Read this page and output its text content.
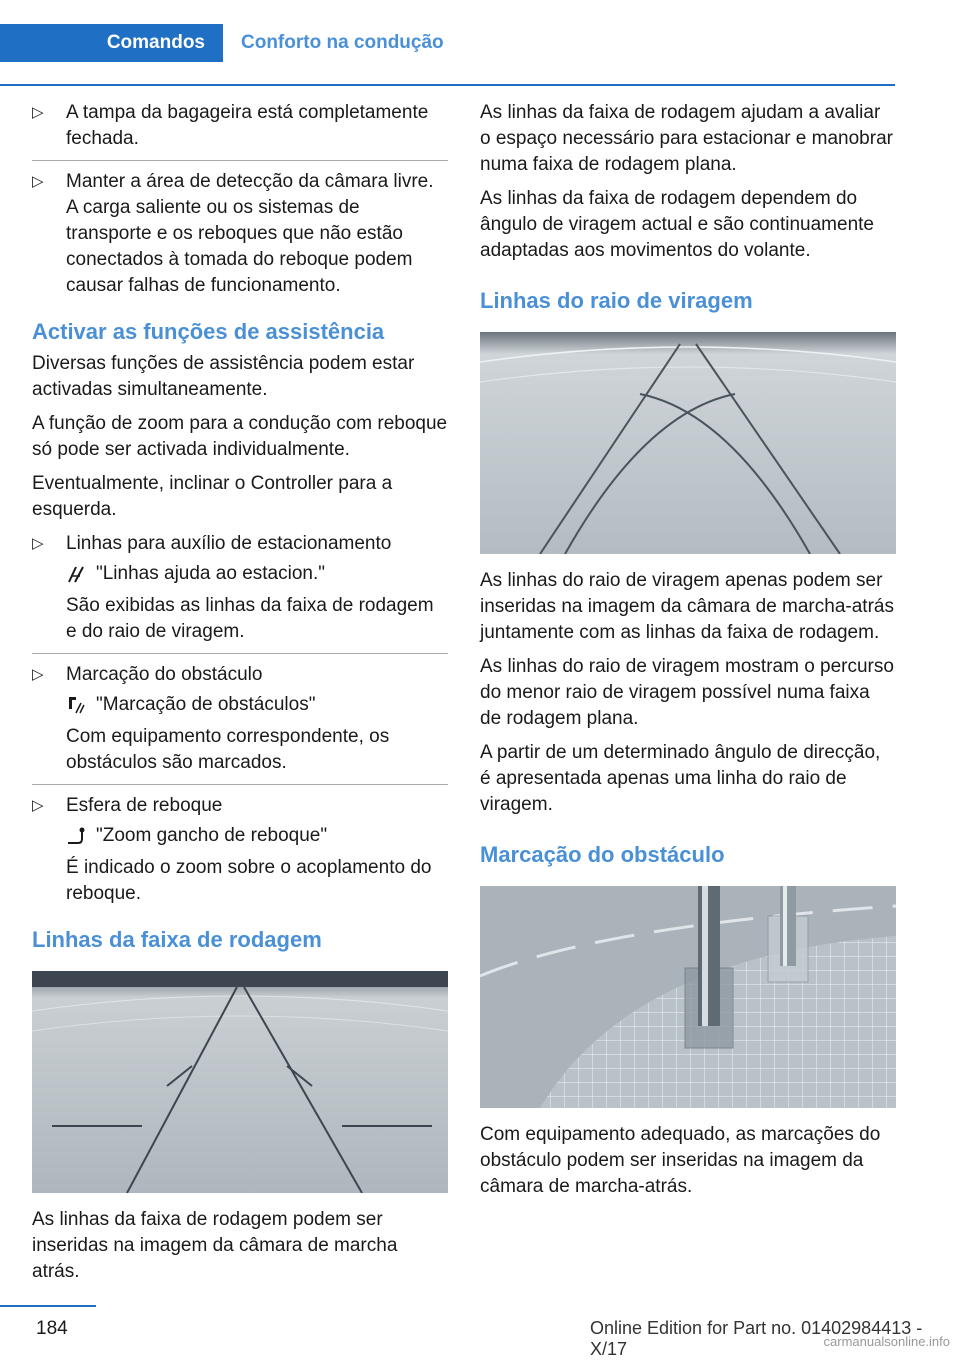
Comandos	Conforto na condução
▷ A tampa da bagageira está completamente fechada.
▷ Manter a área de detecção da câmara livre. A carga saliente ou os sistemas de transporte e os reboques que não estão conectados à tomada do reboque podem causar falhas de funcionamento.
Activar as funções de assistência

Diversas funções de assistência podem estar activadas simultaneamente.

A função de zoom para a condução com reboque só pode ser activada individualmente.

Eventualmente, inclinar o Controller para a esquerda.

▷ Linhas para auxílio de estacionamento

"Linhas ajuda ao estacion."

São exibidas as linhas da faixa de rodagem e do raio de viragem.

▷ Marcação do obstáculo

"Marcação de obstáculos"

Com equipamento correspondente, os obstáculos são marcados.

▷ Esfera de reboque

"Zoom gancho de reboque"

É indicado o zoom sobre o acoplamento do reboque.

Linhas da faixa de rodagem

As linhas da faixa de rodagem podem ser inseridas na imagem da câmara de marcha atrás.

As linhas da faixa de rodagem ajudam a avaliar o espaço necessário para estacionar e manobrar numa faixa de rodagem plana.

As linhas da faixa de rodagem dependem do ângulo de viragem actual e são continuamente adaptadas aos movimentos do volante.

Linhas do raio de viragem

As linhas do raio de viragem apenas podem ser inseridas na imagem da câmara de marcha-atrás juntamente com as linhas da faixa de rodagem.

As linhas do raio de viragem mostram o percurso do menor raio de viragem possível numa faixa de rodagem plana.

A partir de um determinado ângulo de direcção, é apresentada apenas uma linha do raio de viragem.

Marcação do obstáculo

Com equipamento adequado, as marcações do obstáculo podem ser inseridas na imagem da câmara de marcha-atrás.

184	Online Edition for Part no. 01402984413 - X/17	carmanualsonline.info
